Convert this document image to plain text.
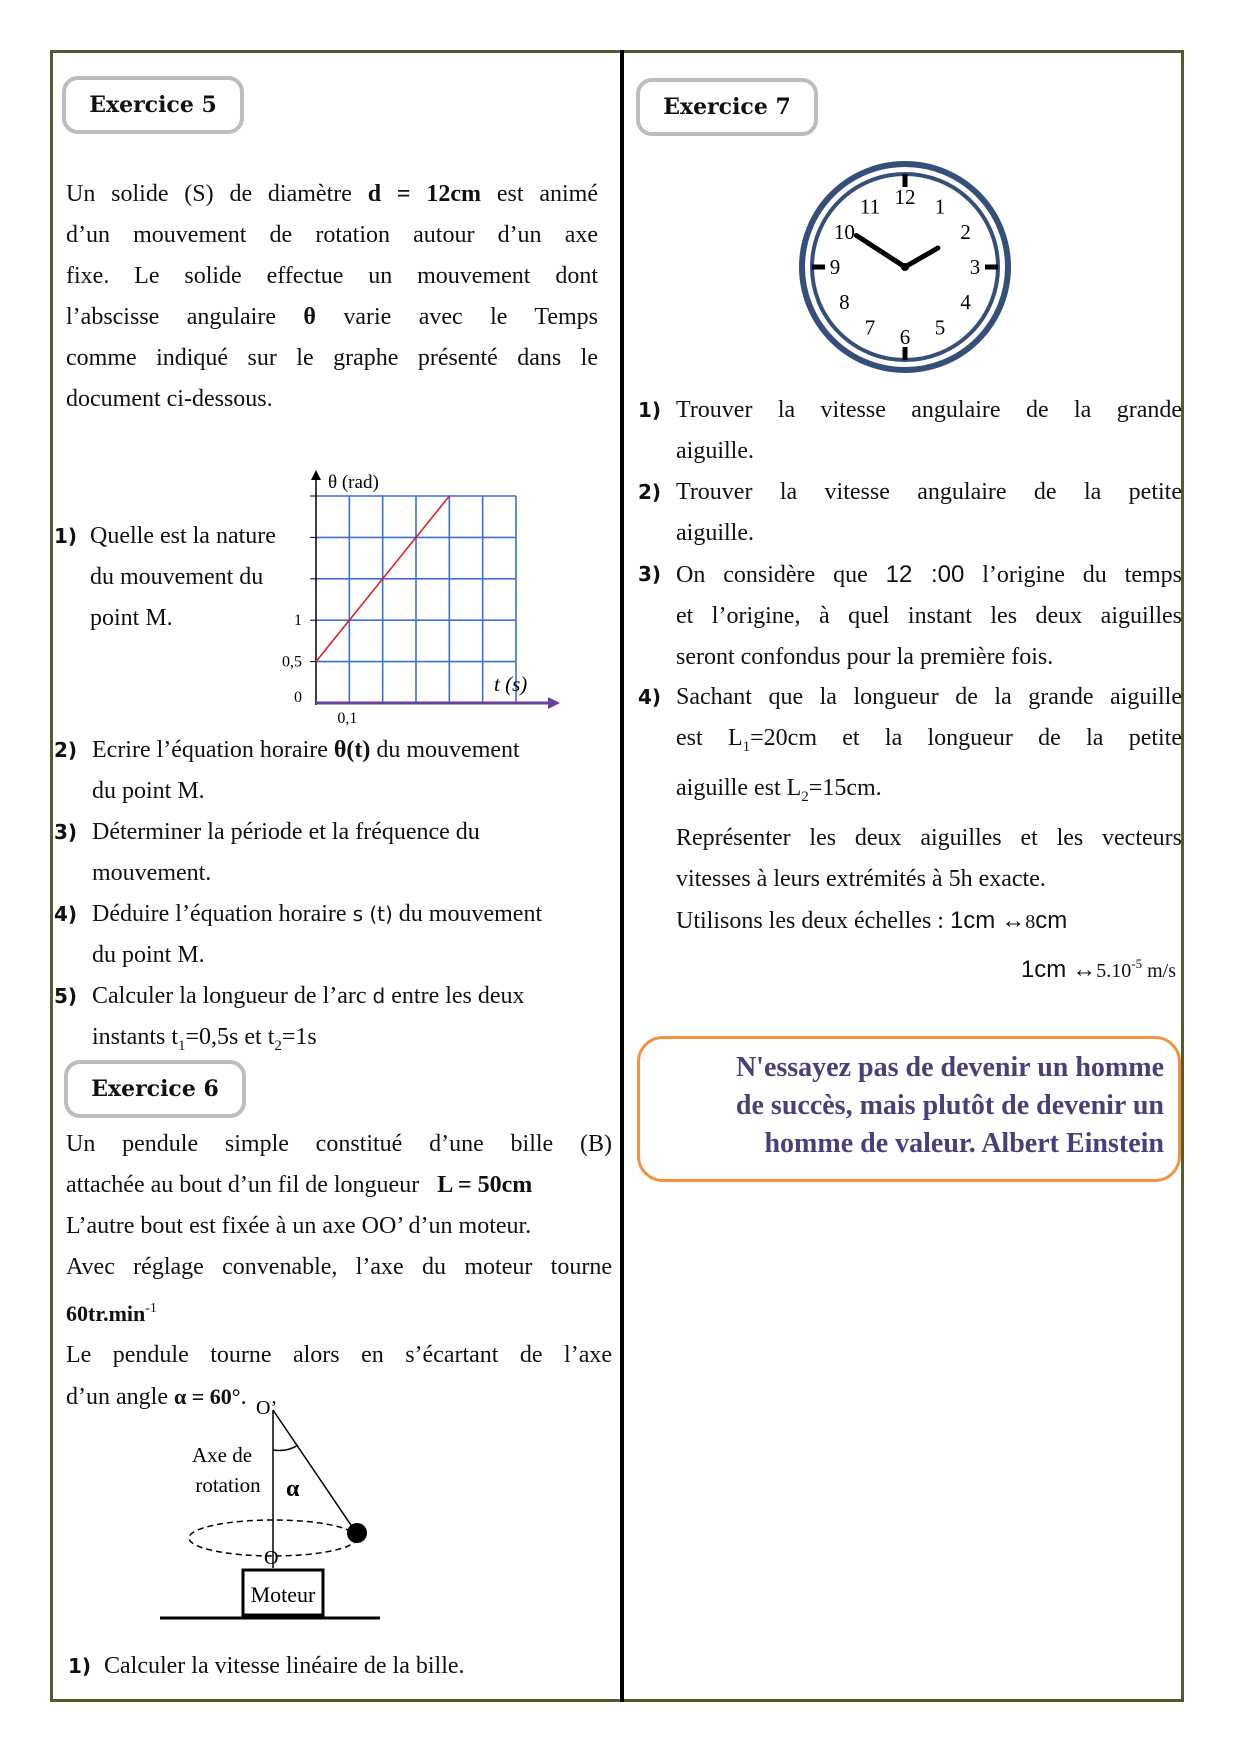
Exercice 5
Un solide (S) de diamètre d = 12cm est animé
d’un mouvement de rotation autour d’un axe
fixe. Le solide effectue un mouvement dont
l’abscisse angulaire θ varie avec le Temps
comme indiqué sur le graphe présenté dans le
document ci-dessous.
θ (rad)
t (s)
0
0,5
1
0,1
1) Quelle est la nature
du mouvement du
point M.
2) Ecrire l’équation horaire θ(t) du mouvement
du point M.
3) Déterminer la période et la fréquence du
mouvement.
4) Déduire l’équation horaire s (t) du mouvement
du point M.
5) Calculer la longueur de l’arc d entre les deux
instants $t_1=0,5s$ et $t_2=1s$
Exercice 6
Un pendule simple constitué d’une bille (B)
attachée au bout d’un fil de longueur L = 50cm
L’autre bout est fixée à un axe OO’ d’un moteur.
Avec réglage convenable, l’axe du moteur tourne
$60tr.\min^{-1}$
Le pendule tourne alors en s’écartant de l’axe
d’un angle α = 60°.
Moteur
O’
Axe de
rotation α
O
1) Calculer la vitesse linéaire de la bille.
Exercice 7
12 1
2
3
4
5
6
7
8
9
10
11
1) Trouver la vitesse angulaire de la grande
aiguille.
2) Trouver la vitesse angulaire de la petite
aiguille.
3) On considère que 12 :00 l’origine du temps
et l’origine, à quel instant les deux aiguilles
seront confondus pour la première fois.
4) Sachant que la longueur de la grande aiguille
est $L_1=20cm$ et la longueur de la petite
aiguille est $L_2=15cm$.
Représenter les deux aiguilles et les vecteurs
vitesses à leurs extrémités à 5h exacte.
Utilisons les deux échelles : 1cm ↔8cm
1cm $\leftrightarrow 5.10^{-5}$ m/s
N'essayez pas de devenir un homme
de succès, mais plutôt de devenir un
homme de valeur. Albert Einstein
